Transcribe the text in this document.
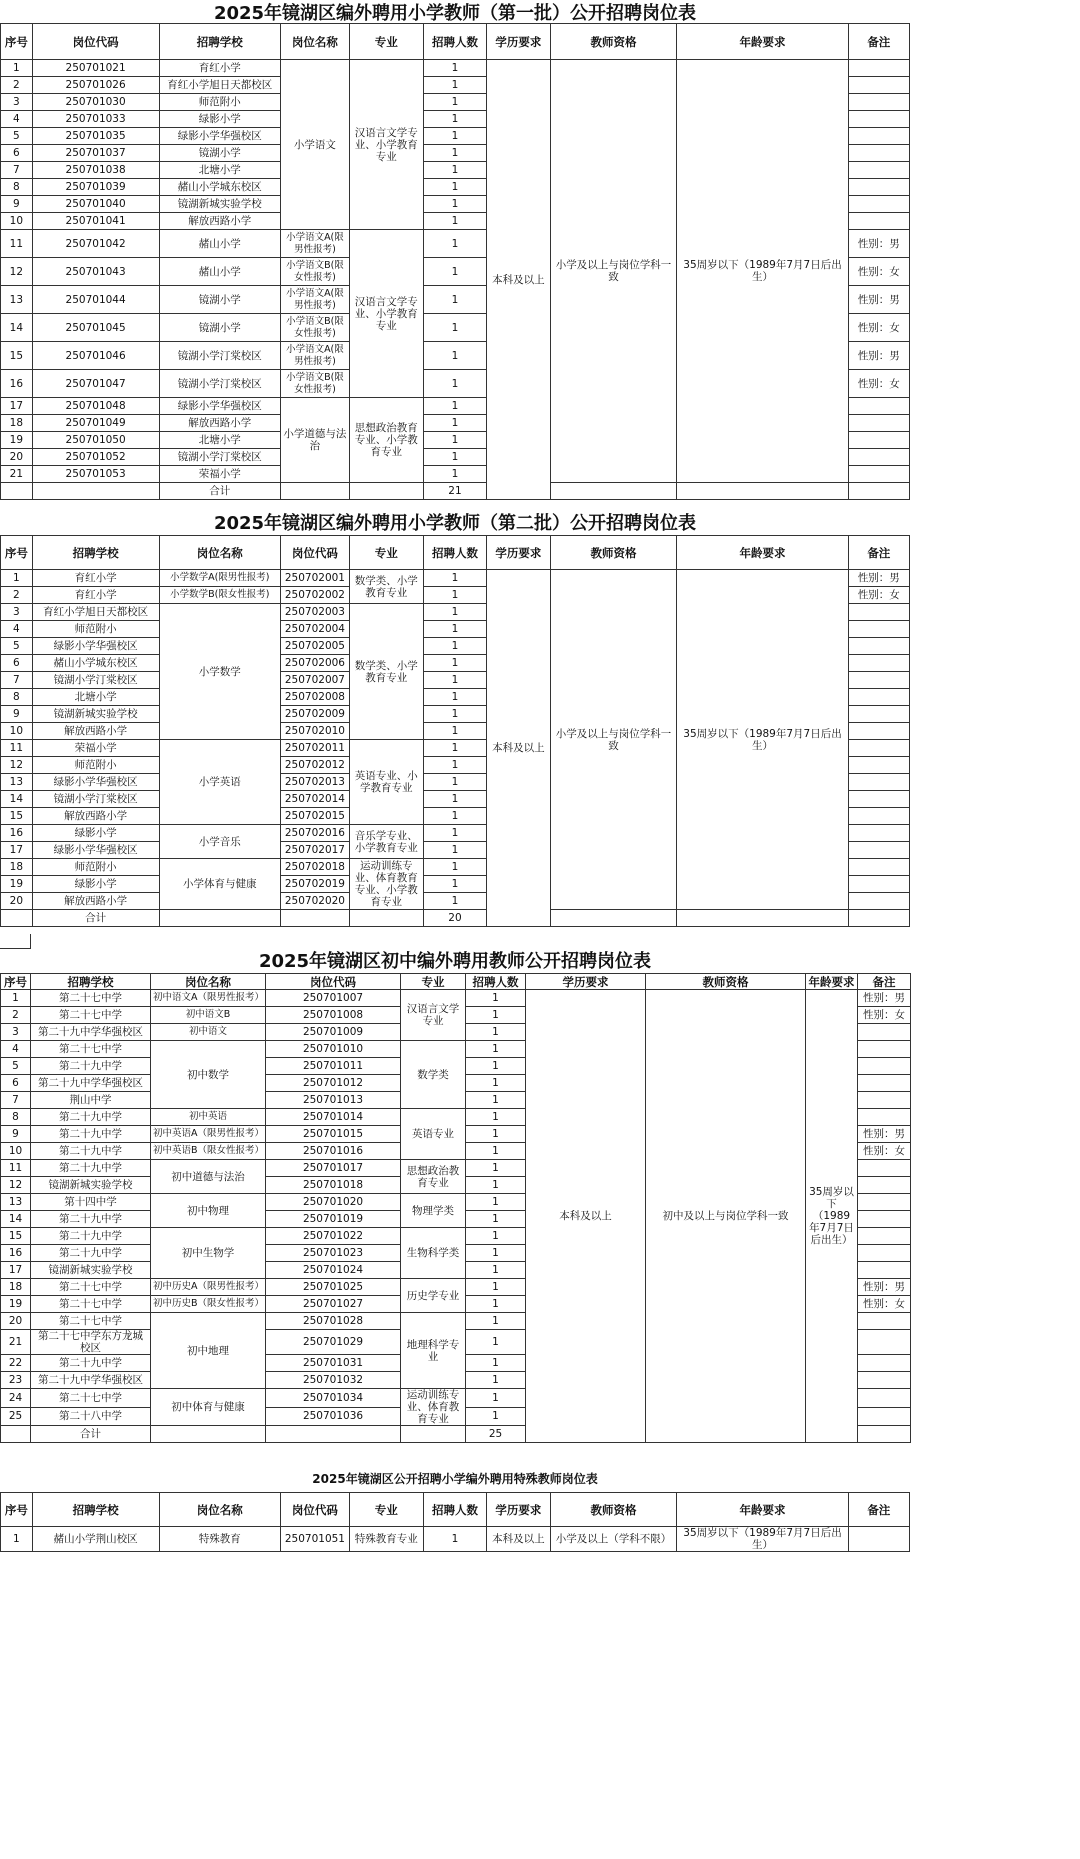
2025年镜湖区编外聘用小学教师（第一批）公开招聘岗位表
序号	岗位代码	招聘学校	岗位名称	专业	招聘人数	学历要求	教师资格	年龄要求	备注
1	250701021	育红小学	小学语文	汉语言文学专业、小学教育专业	1	本科及以上	小学及以上与岗位学科一致	35周岁以下（1989年7月7日后出生）	
2	250701026	育红小学旭日天都校区			1				
3	250701030	师范附小			1				
4	250701033	绿影小学			1				
5	250701035	绿影小学华强校区			1				
6	250701037	镜湖小学			1				
7	250701038	北塘小学			1				
8	250701039	赭山小学城东校区			1				
9	250701040	镜湖新城实验学校			1				
10	250701041	解放西路小学			1				
11	250701042	赭山小学	小学语文A(限男性报考)	汉语言文学专业、小学教育专业	1				性别：男
12	250701043	赭山小学	小学语文B(限女性报考)		1				性别：女
13	250701044	镜湖小学	小学语文A(限男性报考)		1				性别：男
14	250701045	镜湖小学	小学语文B(限女性报考)		1				性别：女
15	250701046	镜湖小学汀棠校区	小学语文A(限男性报考)		1				性别：男
16	250701047	镜湖小学汀棠校区	小学语文B(限女性报考)		1				性别：女
17	250701048	绿影小学华强校区	小学道德与法治	思想政治教育专业、小学教育专业	1				
18	250701049	解放西路小学			1				
19	250701050	北塘小学			1				
20	250701052	镜湖小学汀棠校区			1				
21	250701053	荣福小学			1				
		合计			21				
2025年镜湖区编外聘用小学教师（第二批）公开招聘岗位表
序号	招聘学校	岗位名称	岗位代码	专业	招聘人数	学历要求	教师资格	年龄要求	备注
1	育红小学	小学数学A(限男性报考)	250702001	数学类、小学教育专业	1	本科及以上	小学及以上与岗位学科一致	35周岁以下（1989年7月7日后出生）	性别：男
2	育红小学	小学数学B(限女性报考)	250702002		1				性别：女
3	育红小学旭日天都校区	小学数学	250702003	数学类、小学教育专业	1				
4	师范附小		250702004		1				
5	绿影小学华强校区		250702005		1				
6	赭山小学城东校区		250702006		1				
7	镜湖小学汀棠校区		250702007		1				
8	北塘小学		250702008		1				
9	镜湖新城实验学校		250702009		1				
10	解放西路小学		250702010		1				
11	荣福小学	小学英语	250702011	英语专业、小学教育专业	1				
12	师范附小		250702012		1				
13	绿影小学华强校区		250702013		1				
14	镜湖小学汀棠校区		250702014		1				
15	解放西路小学		250702015		1				
16	绿影小学	小学音乐	250702016	音乐学专业、小学教育专业	1				
17	绿影小学华强校区		250702017		1				
18	师范附小	小学体育与健康	250702018	运动训练专业、体育教育专业、小学教育专业	1				
19	绿影小学		250702019		1				
20	解放西路小学		250702020		1				
	合计				20				
2025年镜湖区初中编外聘用教师公开招聘岗位表
序号	招聘学校	岗位名称	岗位代码	专业	招聘人数	学历要求	教师资格	年龄要求	备注
1	第二十七中学	初中语文A（限男性报考）	250701007	汉语言文学专业	1	本科及以上	初中及以上与岗位学科一致	35周岁以下（1989年7月7日后出生）	性别：男
2	第二十七中学	初中语文B	250701008		1				性别：女
3	第二十九中学华强校区	初中语文	250701009		1				
4	第二十七中学	初中数学	250701010	数学类	1				
5	第二十九中学		250701011		1				
6	第二十九中学华强校区		250701012		1				
7	荆山中学		250701013		1				
8	第二十九中学	初中英语	250701014	英语专业	1				
9	第二十九中学	初中英语A（限男性报考）	250701015		1				性别：男
10	第二十九中学	初中英语B（限女性报考）	250701016		1				性别：女
11	第二十九中学	初中道德与法治	250701017	思想政治教育专业	1				
12	镜湖新城实验学校		250701018		1				
13	第十四中学	初中物理	250701020	物理学类	1				
14	第二十九中学		250701019		1				
15	第二十九中学	初中生物学	250701022	生物科学类	1				
16	第二十九中学		250701023		1				
17	镜湖新城实验学校		250701024		1				
18	第二十七中学	初中历史A（限男性报考）	250701025	历史学专业	1				性别：男
19	第二十七中学	初中历史B（限女性报考）	250701027		1				性别：女
20	第二十七中学	初中地理	250701028	地理科学专业	1				
21	第二十七中学东方龙城校区		250701029		1				
22	第二十九中学		250701031		1				
23	第二十九中学华强校区		250701032		1				
24	第二十七中学	初中体育与健康	250701034	运动训练专业、体育教育专业	1				
25	第二十八中学		250701036		1				
	合计				25				
2025年镜湖区公开招聘小学编外聘用特殊教师岗位表
序号	招聘学校	岗位名称	岗位代码	专业	招聘人数	学历要求	教师资格	年龄要求	备注
1	赭山小学荆山校区	特殊教育	250701051	特殊教育专业	1	本科及以上	小学及以上（学科不限）	35周岁以下（1989年7月7日后出生）	
